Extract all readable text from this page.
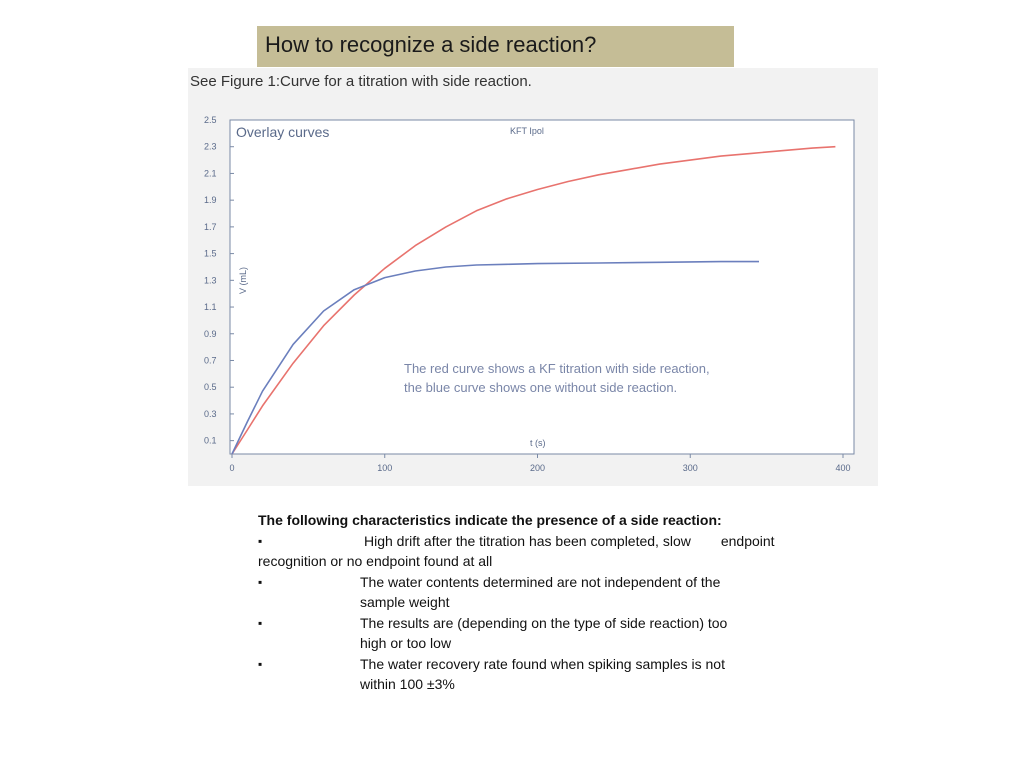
How to recognize a side reaction?
0.1
0.3
0.5
0.7
0.9
1.1
1.3
1.5
1.7
1.9
2.1
2.3
2.5
0	100	200	300	400
Overlay curves	KFT Ipol
V (mL)
t (s)
The red curve shows a KF titration with side reaction,
the blue curve shows one without side reaction.
See Figure 1:Curve for a titration with side reaction.
The following characteristics indicate the presence of a side reaction:
▪	High drift after the titration has been completed, slow endpoint
recognition or no endpoint found at all
▪	The water contents determined are not independent of the
sample weight
▪	The results are (depending on the type of side reaction) too
high or too low
▪	The water recovery rate found when spiking samples is not
within 100 ±3%
